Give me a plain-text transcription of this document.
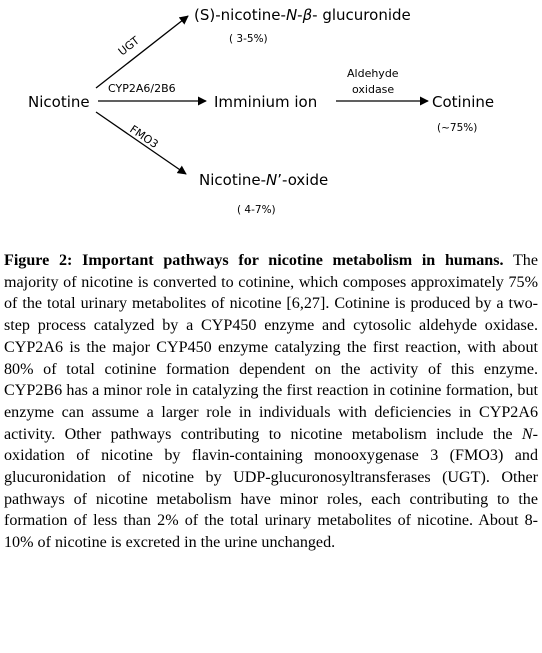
Nicotine
(S)-nicotine-N-β- glucuronide
Imminium ion	Cotinine
Nicotine-N’-oxide
( 3-5%)
(~75%)
( 4-7%)
UGT
CYP2A6/2B6
FMO3
Aldehyde
oxidase

Figure 2: Important pathways for nicotine metabolism in humans. The majority of nicotine is converted to cotinine, which composes approximately 75% of the total urinary metabolites of nicotine [6,27]. Cotinine is produced by a two-step process catalyzed by a CYP450 enzyme and cytosolic aldehyde oxidase. CYP2A6 is the major CYP450 enzyme catalyzing the first reaction, with about 80% of total cotinine formation dependent on the activity of this enzyme. CYP2B6 has a minor role in catalyzing the first reaction in cotinine formation, but enzyme can assume a larger role in individuals with deficiencies in CYP2A6 activity. Other pathways contributing to nicotine metabolism include the N-oxidation of nicotine by flavin-containing monooxygenase 3 (FMO3) and glucuronidation of nicotine by UDP-glucuronosyltransferases (UGT). Other pathways of nicotine metabolism have minor roles, each contributing to the formation of less than 2% of the total urinary metabolites of nicotine. About 8-10% of nicotine is excreted in the urine unchanged.
